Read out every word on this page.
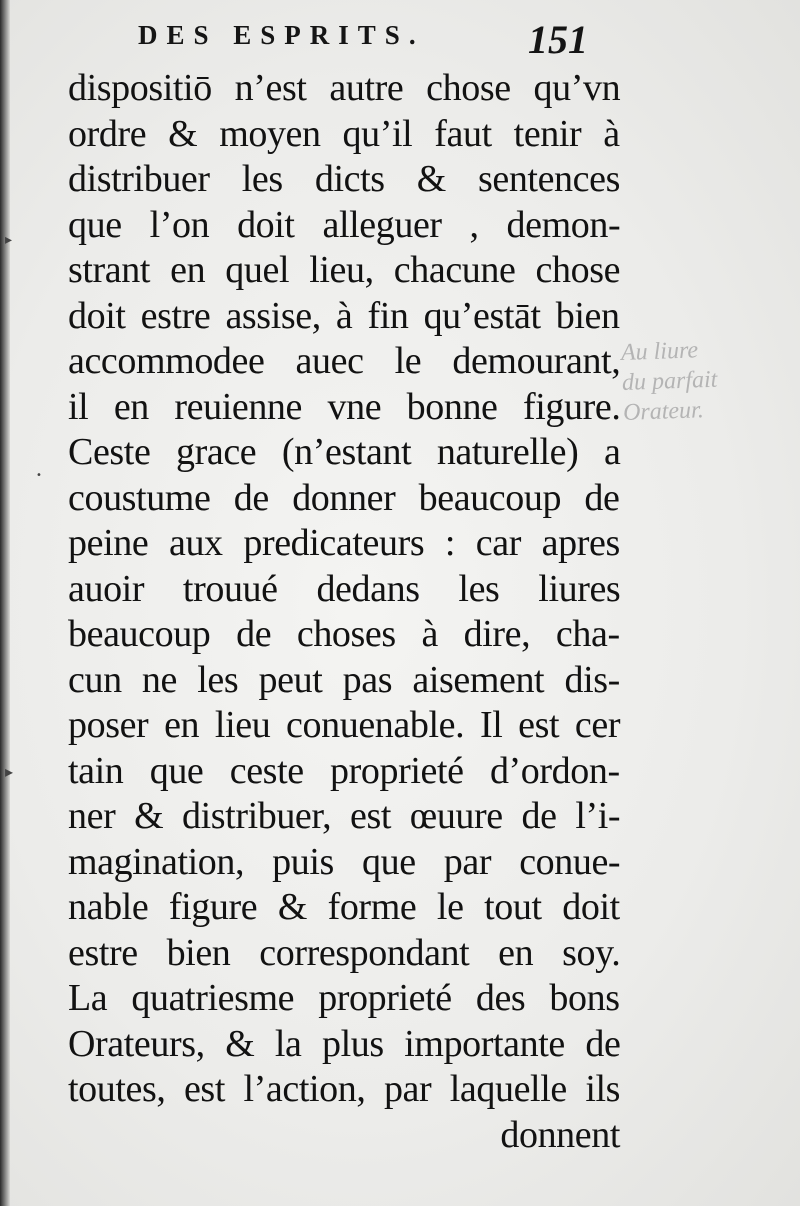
DES ESPRITS.	151
dispositiō n’est autre chose qu’vn
ordre & moyen qu’il faut tenir à
distribuer les dicts & sentences
que l’on doit alleguer , demon-
strant en quel lieu, chacune chose
doit estre assise, à fin qu’estāt bien
accommodee auec le demourant,
il en reuienne vne bonne figure.
Ceste grace (n’estant naturelle) a
coustume de donner beaucoup de
peine aux predicateurs : car apres
auoir trouué dedans les liures
beaucoup de choses à dire, cha-
cun ne les peut pas aisement dis-
poser en lieu conuenable. Il est cer
tain que ceste proprieté d’ordon-
ner & distribuer, est œuure de l’i-
magination, puis que par conue-
nable figure & forme le tout doit
estre bien correspondant en soy.
La quatriesme proprieté des bons
Orateurs, & la plus importante de
toutes, est l’action, par laquelle ils
donnent
Au liure
du parfait
Orateur.
▸
▸
•
